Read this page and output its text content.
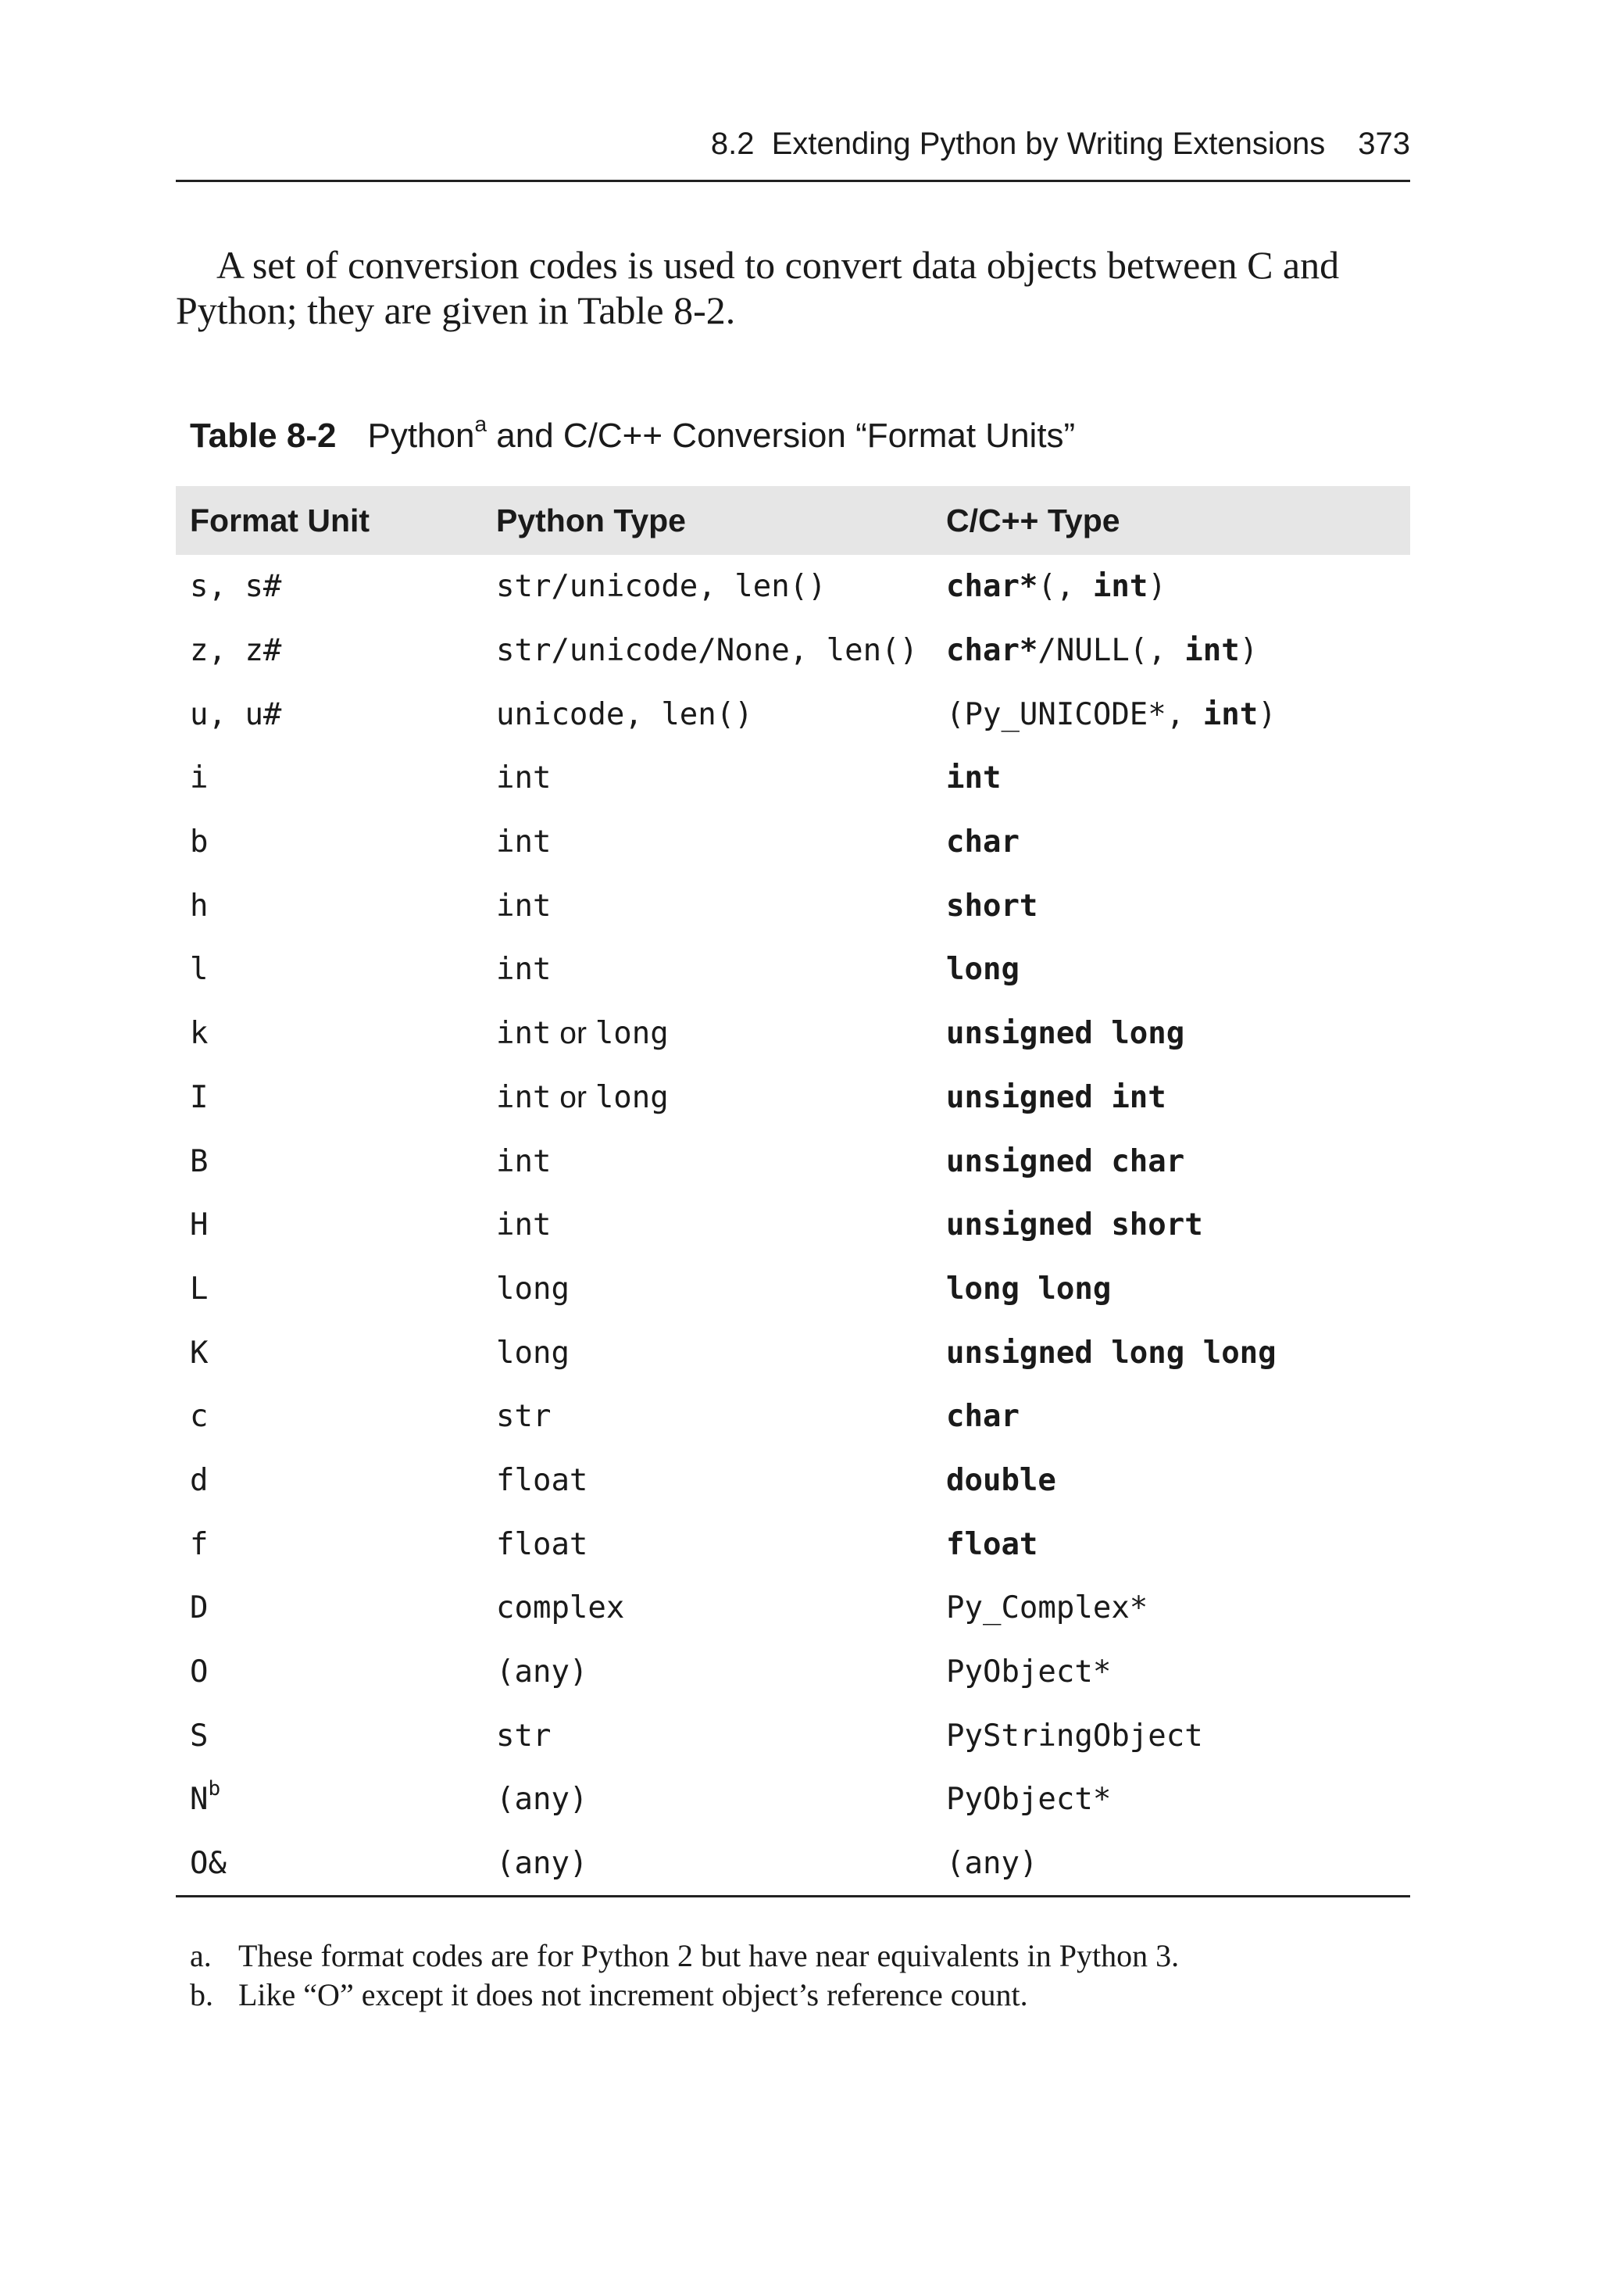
8.2  Extending Python by Writing Extensions 373

A set of conversion codes is used to convert data objects between C and Python; they are given in Table 8-2.

Table 8-2 Python$^a$ and C/C++ Conversion “Format Units”
Format Unit	Python Type	C/C++ Type
s, s#	str/unicode, len()	char*(, int)
z, z#	str/unicode/None, len()	char*/NULL(, int)
u, u#	unicode, len()	(Py_UNICODE*, int)
i	int	int
b	int	char
h	int	short
l	int	long
k	int or long	unsigned long
I	int or long	unsigned int
B	int	unsigned char
H	int	unsigned short
L	long	long long
K	long	unsigned long long
c	str	char
d	float	double
f	float	float
D	complex	Py_Complex*
O	(any)	PyObject*
S	str	PyStringObject
$N^b$	(any)	PyObject*
O&	(any)	(any)
a. These format codes are for Python 2 but have near equivalents in Python 3.
b. Like “O” except it does not increment object’s reference count.
